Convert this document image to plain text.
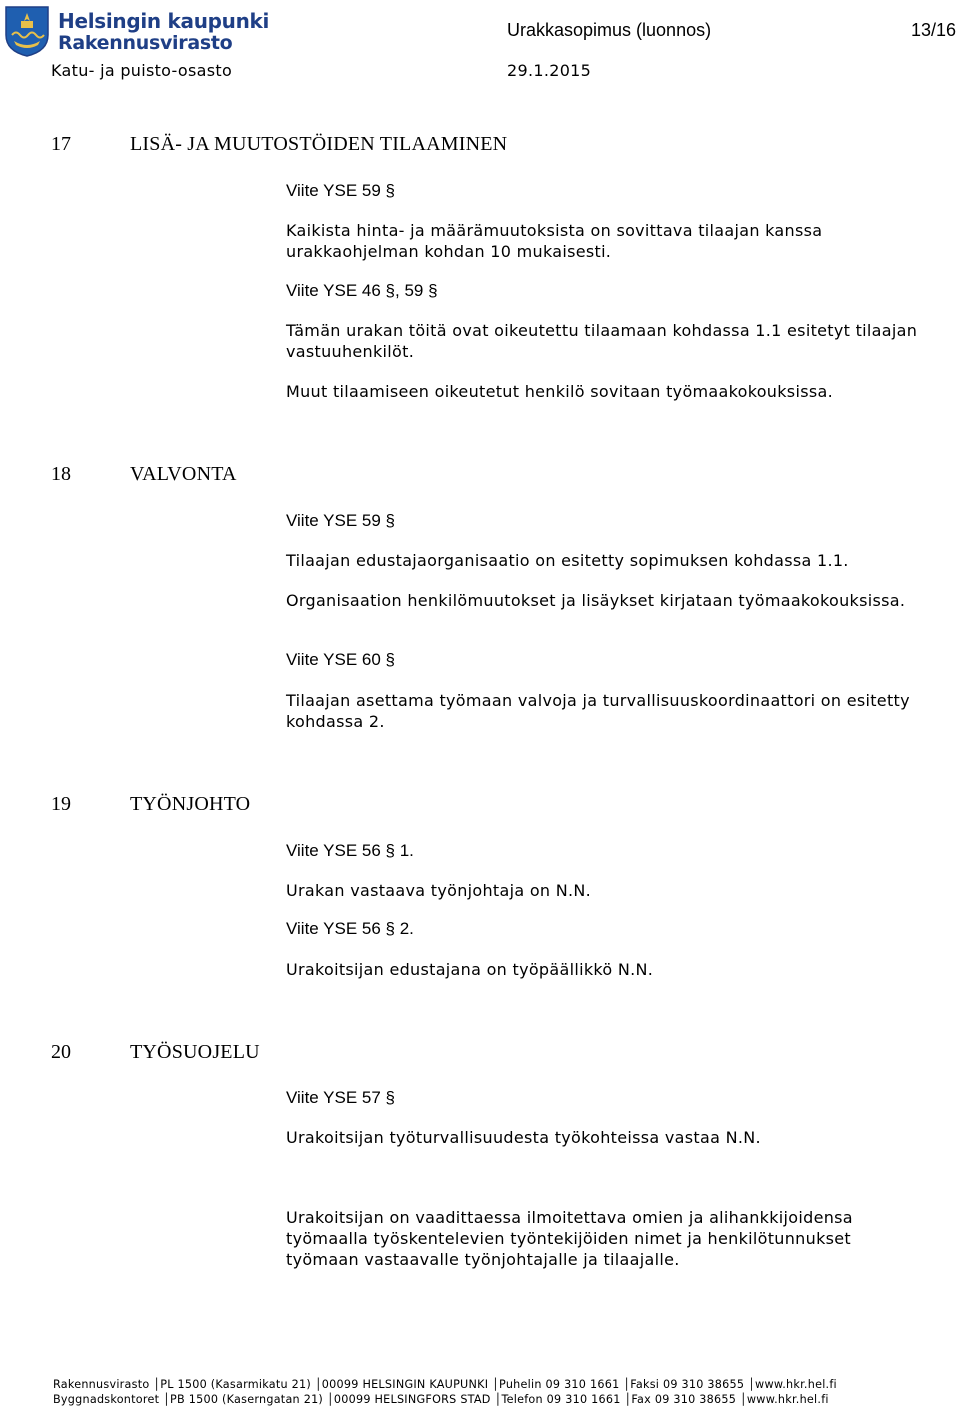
Helsingin kaupunki
Rakennusvirasto
Urakkasopimus (luonnos)	13/16
Katu- ja puisto-osasto	29.1.2015
17	LISÄ- JA MUUTOSTÖIDEN TILAAMINEN
Viite YSE 59 §
Kaikista hinta- ja määrämuutoksista on sovittava tilaajan kanssa urakkaohjelman kohdan 10 mukaisesti.
Viite YSE 46 §, 59 §
Tämän urakan töitä ovat oikeutettu tilaamaan kohdassa 1.1 esitetyt tilaajan vastuuhenkilöt.
Muut tilaamiseen oikeutetut henkilö sovitaan työmaakokouksissa.
18	VALVONTA
Viite YSE 59 §
Tilaajan edustajaorganisaatio on esitetty sopimuksen kohdassa 1.1.
Organisaation henkilömuutokset ja lisäykset kirjataan työmaakokouksissa.
Viite YSE 60 §
Tilaajan asettama työmaan valvoja ja turvallisuuskoordinaattori on esitetty kohdassa 2.
19	TYÖNJOHTO
Viite YSE 56 § 1.
Urakan vastaava työnjohtaja on N.N.
Viite YSE 56 § 2.
Urakoitsijan edustajana on työpäällikkö N.N.
20	TYÖSUOJELU
Viite YSE 57 §
Urakoitsijan työturvallisuudesta työkohteissa vastaa N.N.
Urakoitsijan on vaadittaessa ilmoitettava omien ja alihankkijoidensa työmaalla työskentelevien työntekijöiden nimet ja henkilötunnukset työmaan vastaavalle työnjohtajalle ja tilaajalle.
Rakennusvirasto │PL 1500 (Kasarmikatu 21) │00099 HELSINGIN KAUPUNKI │Puhelin 09 310 1661 │Faksi 09 310 38655 │www.hkr.hel.fi
Byggnadskontoret │PB 1500 (Kaserngatan 21) │00099 HELSINGFORS STAD │Telefon 09 310 1661 │Fax 09 310 38655 │www.hkr.hel.fi
